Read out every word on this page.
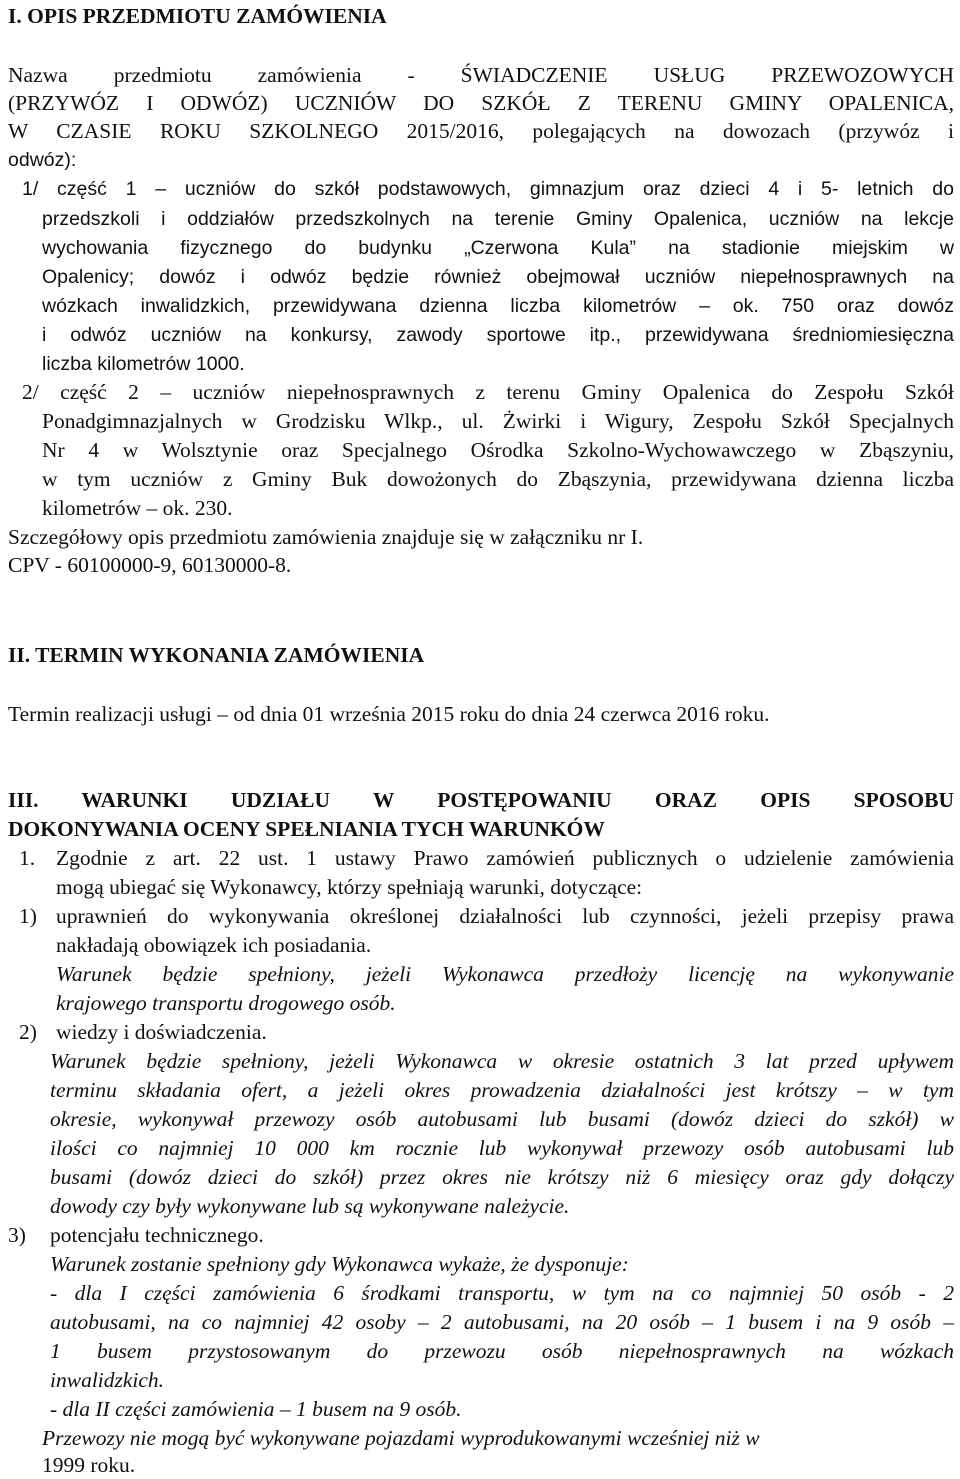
I. OPIS PRZEDMIOTU ZAMÓWIENIA
Nazwa przedmiotu zamówienia - ŚWIADCZENIE USŁUG PRZEWOZOWYCH
(PRZYWÓZ I ODWÓZ) UCZNIÓW DO SZKÓŁ Z TERENU GMINY OPALENICA,
W CZASIE ROKU SZKOLNEGO 2015/2016, polegających na dowozach (przywóz i
odwóz):
1/ część 1 – uczniów do szkół podstawowych, gimnazjum oraz dzieci 4 i 5- letnich do
przedszkoli i oddziałów przedszkolnych na terenie Gminy Opalenica, uczniów na lekcje
wychowania fizycznego do budynku „Czerwona Kula” na stadionie miejskim w
Opalenicy; dowóz i odwóz będzie również obejmował uczniów niepełnosprawnych na
wózkach inwalidzkich, przewidywana dzienna liczba kilometrów – ok. 750 oraz dowóz
i odwóz uczniów na konkursy, zawody sportowe itp., przewidywana średniomiesięczna
liczba kilometrów 1000.
2/ część 2 – uczniów niepełnosprawnych z terenu Gminy Opalenica do Zespołu Szkół
Ponadgimnazjalnych w Grodzisku Wlkp., ul. Żwirki i Wigury, Zespołu Szkół Specjalnych
Nr 4 w Wolsztynie oraz Specjalnego Ośrodka Szkolno-Wychowawczego w Zbąszyniu,
w tym uczniów z Gminy Buk dowożonych do Zbąszynia, przewidywana dzienna liczba
kilometrów – ok. 230.
Szczegółowy opis przedmiotu zamówienia znajduje się w załączniku nr I.
CPV - 60100000-9, 60130000-8.
II. TERMIN WYKONANIA ZAMÓWIENIA
Termin realizacji usługi – od dnia 01 września 2015 roku do dnia 24 czerwca 2016 roku.
III. WARUNKI UDZIAŁU W POSTĘPOWANIU ORAZ OPIS SPOSOBU
DOKONYWANIA OCENY SPEŁNIANIA TYCH WARUNKÓW
1. Zgodnie z art. 22 ust. 1 ustawy Prawo zamówień publicznych o udzielenie zamówienia
mogą ubiegać się Wykonawcy, którzy spełniają warunki, dotyczące:
1) uprawnień do wykonywania określonej działalności lub czynności, jeżeli przepisy prawa
nakładają obowiązek ich posiadania.
Warunek będzie spełniony, jeżeli Wykonawca przedłoży licencję na wykonywanie
krajowego transportu drogowego osób.
2) wiedzy i doświadczenia.
Warunek będzie spełniony, jeżeli Wykonawca w okresie ostatnich 3 lat przed upływem
terminu składania ofert, a jeżeli okres prowadzenia działalności jest krótszy – w tym
okresie, wykonywał przewozy osób autobusami lub busami (dowóz dzieci do szkół) w
ilości co najmniej 10 000 km rocznie lub wykonywał przewozy osób autobusami lub
busami (dowóz dzieci do szkół) przez okres nie krótszy niż 6 miesięcy oraz gdy dołączy
dowody czy były wykonywane lub są wykonywane należycie.
3)	potencjału technicznego.
Warunek zostanie spełniony gdy Wykonawca wykaże, że dysponuje:
- dla I części zamówienia 6 środkami transportu, w tym na co najmniej 50 osób - 2
autobusami, na co najmniej 42 osoby – 2 autobusami, na 20 osób – 1 busem i na 9 osób –
1 busem przystosowanym do przewozu osób niepełnosprawnych na wózkach
inwalidzkich.
- dla II części zamówienia – 1 busem na 9 osób.
Przewozy nie mogą być wykonywane pojazdami wyprodukowanymi wcześniej niż w
1999 roku.
